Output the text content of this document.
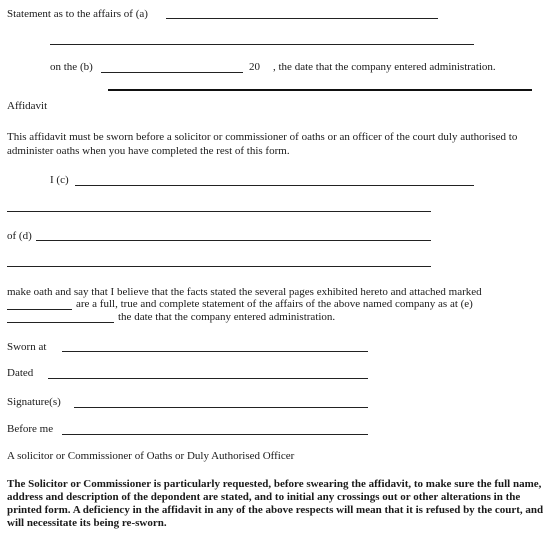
Statement as to the affairs of (a)
on the (b)	20 , the date that the company entered administration.
Affidavit
This affidavit must be sworn before a solicitor or commissioner of oaths or an officer of the court duly authorised to administer oaths when you have completed the rest of this form.
I (c)
of (d)
make oath and say that I believe that the facts stated the several pages exhibited hereto and attached marked
are a full, true and complete statement of the affairs of the above named company as at (e)
the date that the company entered administration.
Sworn at
Dated
Signature(s)
Before me
A solicitor or Commissioner of Oaths or Duly Authorised Officer
The Solicitor or Commissioner is particularly requested, before swearing the affidavit, to make sure the full name, address and description of the depondent are stated, and to initial any crossings out or other alterations in the printed form. A deficiency in the affidavit in any of the above respects will mean that it is refused by the court, and will necessitate its being re-sworn.
